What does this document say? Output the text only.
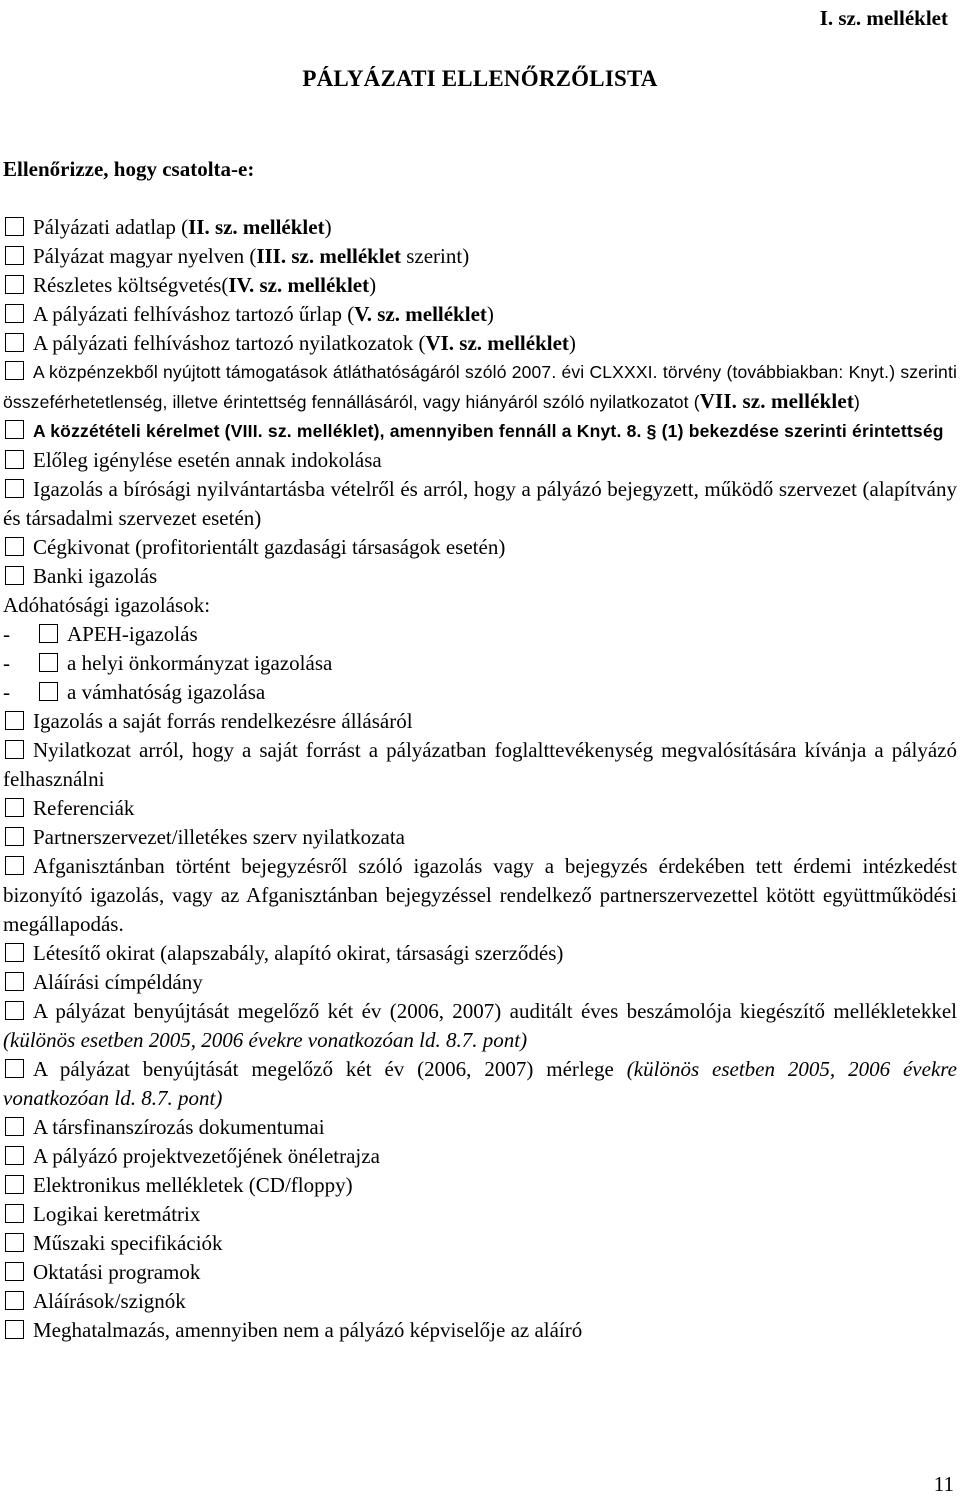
I. sz. melléklet
PÁLYÁZATI ELLENŐRZŐLISTA
Ellenőrizze, hogy csatolta-e:
Pályázati adatlap (II. sz. melléklet)
Pályázat magyar nyelven (III. sz. melléklet szerint)
Részletes költségvetés(IV. sz. melléklet)
A pályázati felhíváshoz tartozó űrlap (V. sz. melléklet)
A pályázati felhíváshoz tartozó nyilatkozatok (VI. sz. melléklet)
A közpénzekből nyújtott támogatások átláthatóságáról szóló 2007. évi CLXXXI. törvény (továbbiakban: Knyt.) szerinti összeférhetetlenség, illetve érintettség fennállásáról, vagy hiányáról szóló nyilatkozatot (VII. sz. melléklet)
A közzétételi kérelmet (VIII. sz. melléklet), amennyiben fennáll a Knyt. 8. § (1) bekezdése szerinti érintettség
Előleg igénylése esetén annak indokolása
Igazolás a bírósági nyilvántartásba vételről és arról, hogy a pályázó bejegyzett, működő szervezet (alapítvány és társadalmi szervezet esetén)
Cégkivonat (profitorientált gazdasági társaságok esetén)
Banki igazolás
Adóhatósági igazolások:
-	APEH-igazolás
-	a helyi önkormányzat igazolása
-	a vámhatóság igazolása
Igazolás a saját forrás rendelkezésre állásáról
Nyilatkozat arról, hogy a saját forrást a pályázatban foglalttevékenység megvalósítására kívánja a pályázó felhasználni
Referenciák
Partnerszervezet/illetékes szerv nyilatkozata
Afganisztánban történt bejegyzésről szóló igazolás vagy a bejegyzés érdekében tett érdemi intézkedést bizonyító igazolás, vagy az Afganisztánban bejegyzéssel rendelkező partnerszervezettel kötött együttműködési megállapodás.
Létesítő okirat (alapszabály, alapító okirat, társasági szerződés)
Aláírási címpéldány
A pályázat benyújtását megelőző két év (2006, 2007) auditált éves beszámolója kiegészítő mellékletekkel (különös esetben 2005, 2006 évekre vonatkozóan ld. 8.7. pont)
A pályázat benyújtását megelőző két év (2006, 2007) mérlege (különös esetben 2005, 2006 évekre vonatkozóan ld. 8.7. pont)
A társfinanszírozás dokumentumai
A pályázó projektvezetőjének önéletrajza
Elektronikus mellékletek (CD/floppy)
Logikai keretmátrix
Műszaki specifikációk
Oktatási programok
Aláírások/szignók
Meghatalmazás, amennyiben nem a pályázó képviselője az aláíró
11
